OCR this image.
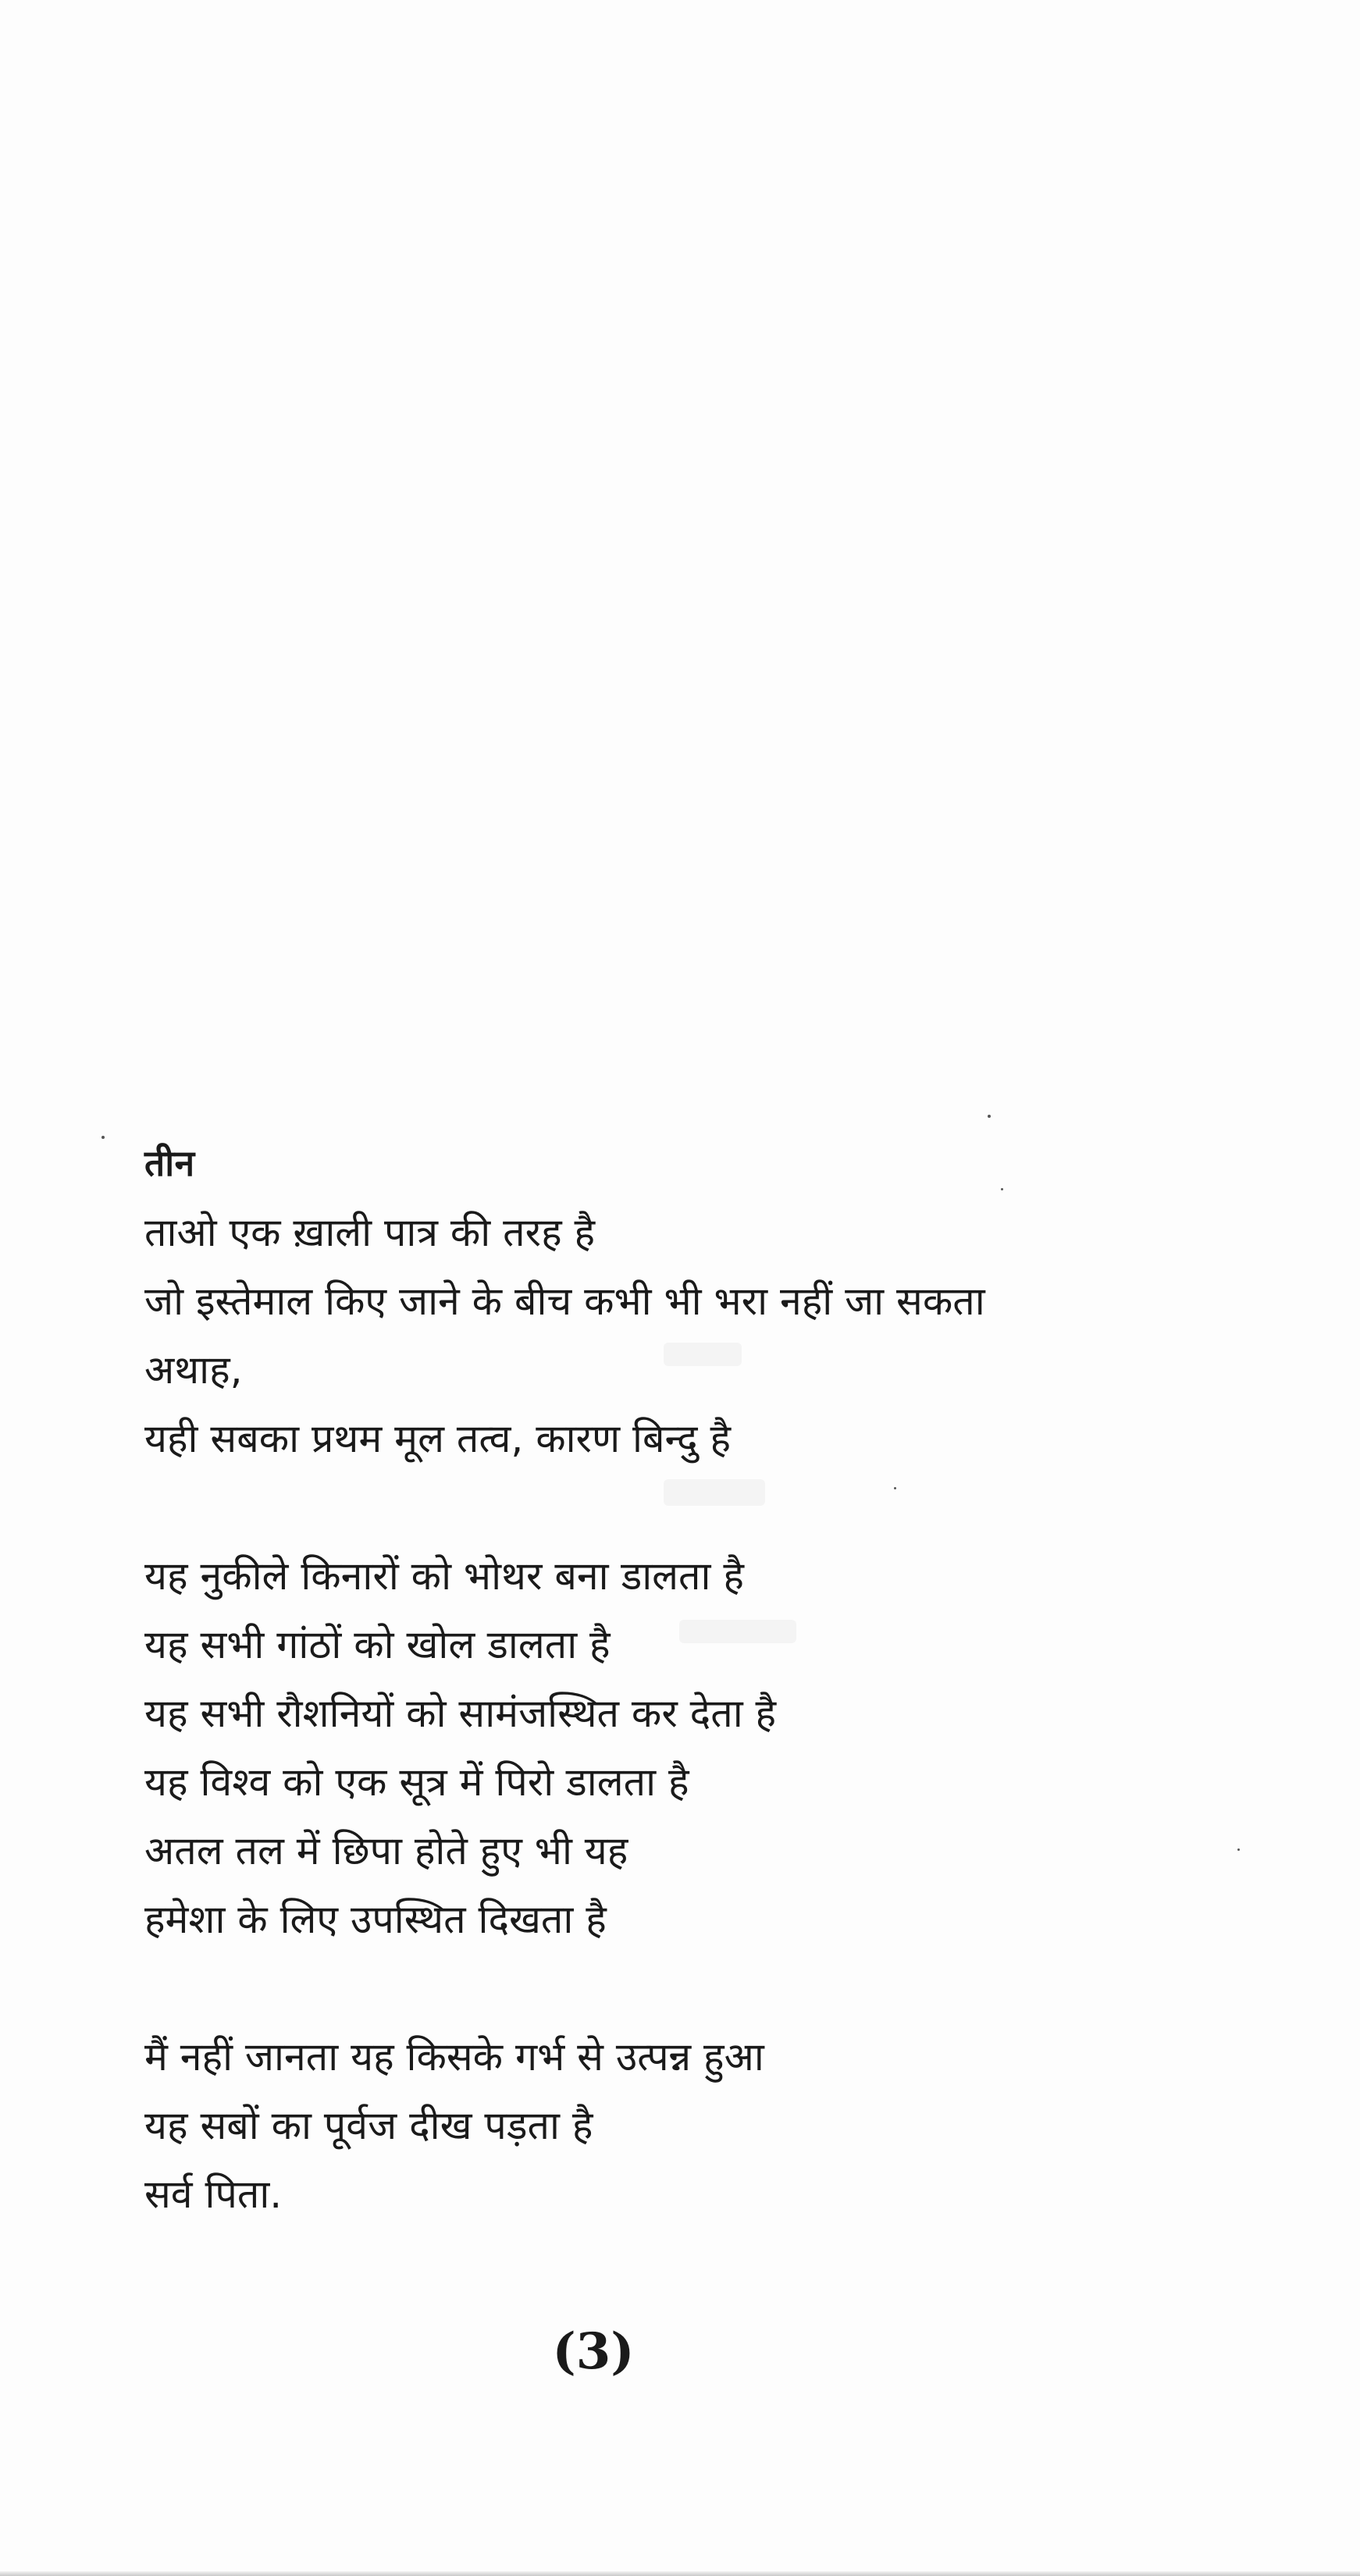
तीन
ताओ एक ख़ाली पात्र की तरह है
जो इस्तेमाल किए जाने के बीच कभी भी भरा नहीं जा सकता
अथाह,
यही सबका प्रथम मूल तत्व, कारण बिन्दु है
यह नुकीले किनारों को भोथर बना डालता है
यह सभी गांठों को खोल डालता है
यह सभी रौशनियों को सामंजस्थित कर देता है
यह विश्व को एक सूत्र में पिरो डालता है
अतल तल में छिपा होते हुए भी यह
हमेशा के लिए उपस्थित दिखता है
मैं नहीं जानता यह किसके गर्भ से उत्पन्न हुआ
यह सबों का पूर्वज दीख पड़ता है
सर्व पिता.
(3)
